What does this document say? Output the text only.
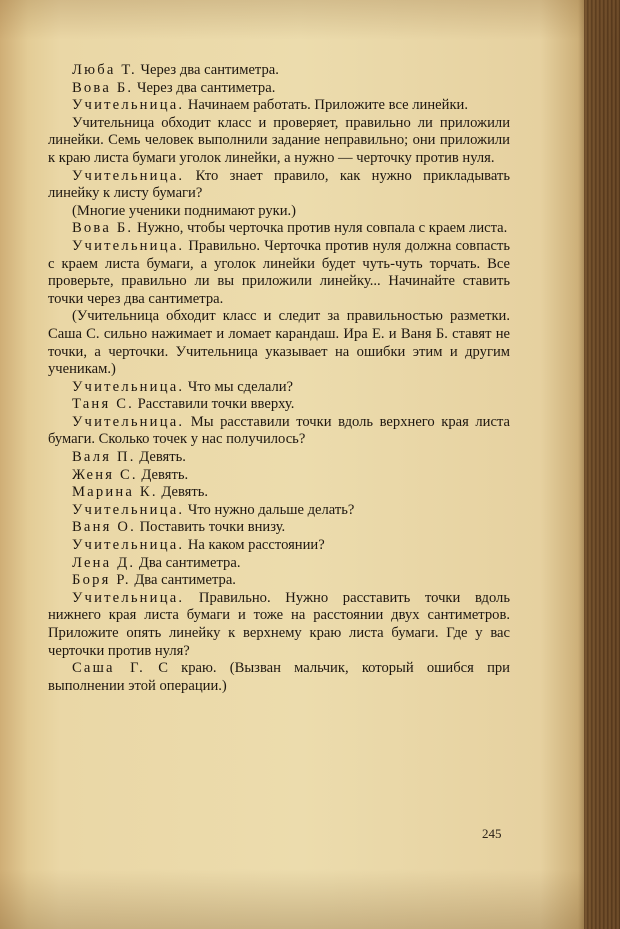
Люба Т. Через два сантиметра.

Вова Б. Через два сантиметра.

Учительница. Начинаем работать. Приложите все линейки.

Учительница обходит класс и проверяет, правильно ли приложили линейки. Семь человек выполнили задание неправильно; они приложили к краю листа бумаги уголок линейки, а нужно — черточку против нуля.

Учительница. Кто знает правило, как нужно прикладывать линейку к листу бумаги?

(Многие ученики поднимают руки.)

Вова Б. Нужно, чтобы черточка против нуля совпала с краем листа.

Учительница. Правильно. Черточка против нуля должна совпасть с краем листа бумаги, а уголок линейки будет чуть-чуть торчать. Все проверьте, правильно ли вы приложили линейку... Начинайте ставить точки через два сантиметра.

(Учительница обходит класс и следит за правильностью разметки. Саша С. сильно нажимает и ломает карандаш. Ира Е. и Ваня Б. ставят не точки, а черточки. Учительница указывает на ошибки этим и другим ученикам.)

Учительница. Что мы сделали?

Таня С. Расставили точки вверху.

Учительница. Мы расставили точки вдоль верхнего края листа бумаги. Сколько точек у нас получилось?

Валя П. Девять.

Женя С. Девять.

Марина К. Девять.

Учительница. Что нужно дальше делать?

Ваня О. Поставить точки внизу.

Учительница. На каком расстоянии?

Лена Д. Два сантиметра.

Боря Р. Два сантиметра.

Учительница. Правильно. Нужно расставить точки вдоль нижнего края листа бумаги и тоже на расстоянии двух сантиметров. Приложите опять линейку к верхнему краю листа бумаги. Где у вас черточки против нуля?

Саша Г. С краю. (Вызван мальчик, который ошибся при выполнении этой операции.)

245
